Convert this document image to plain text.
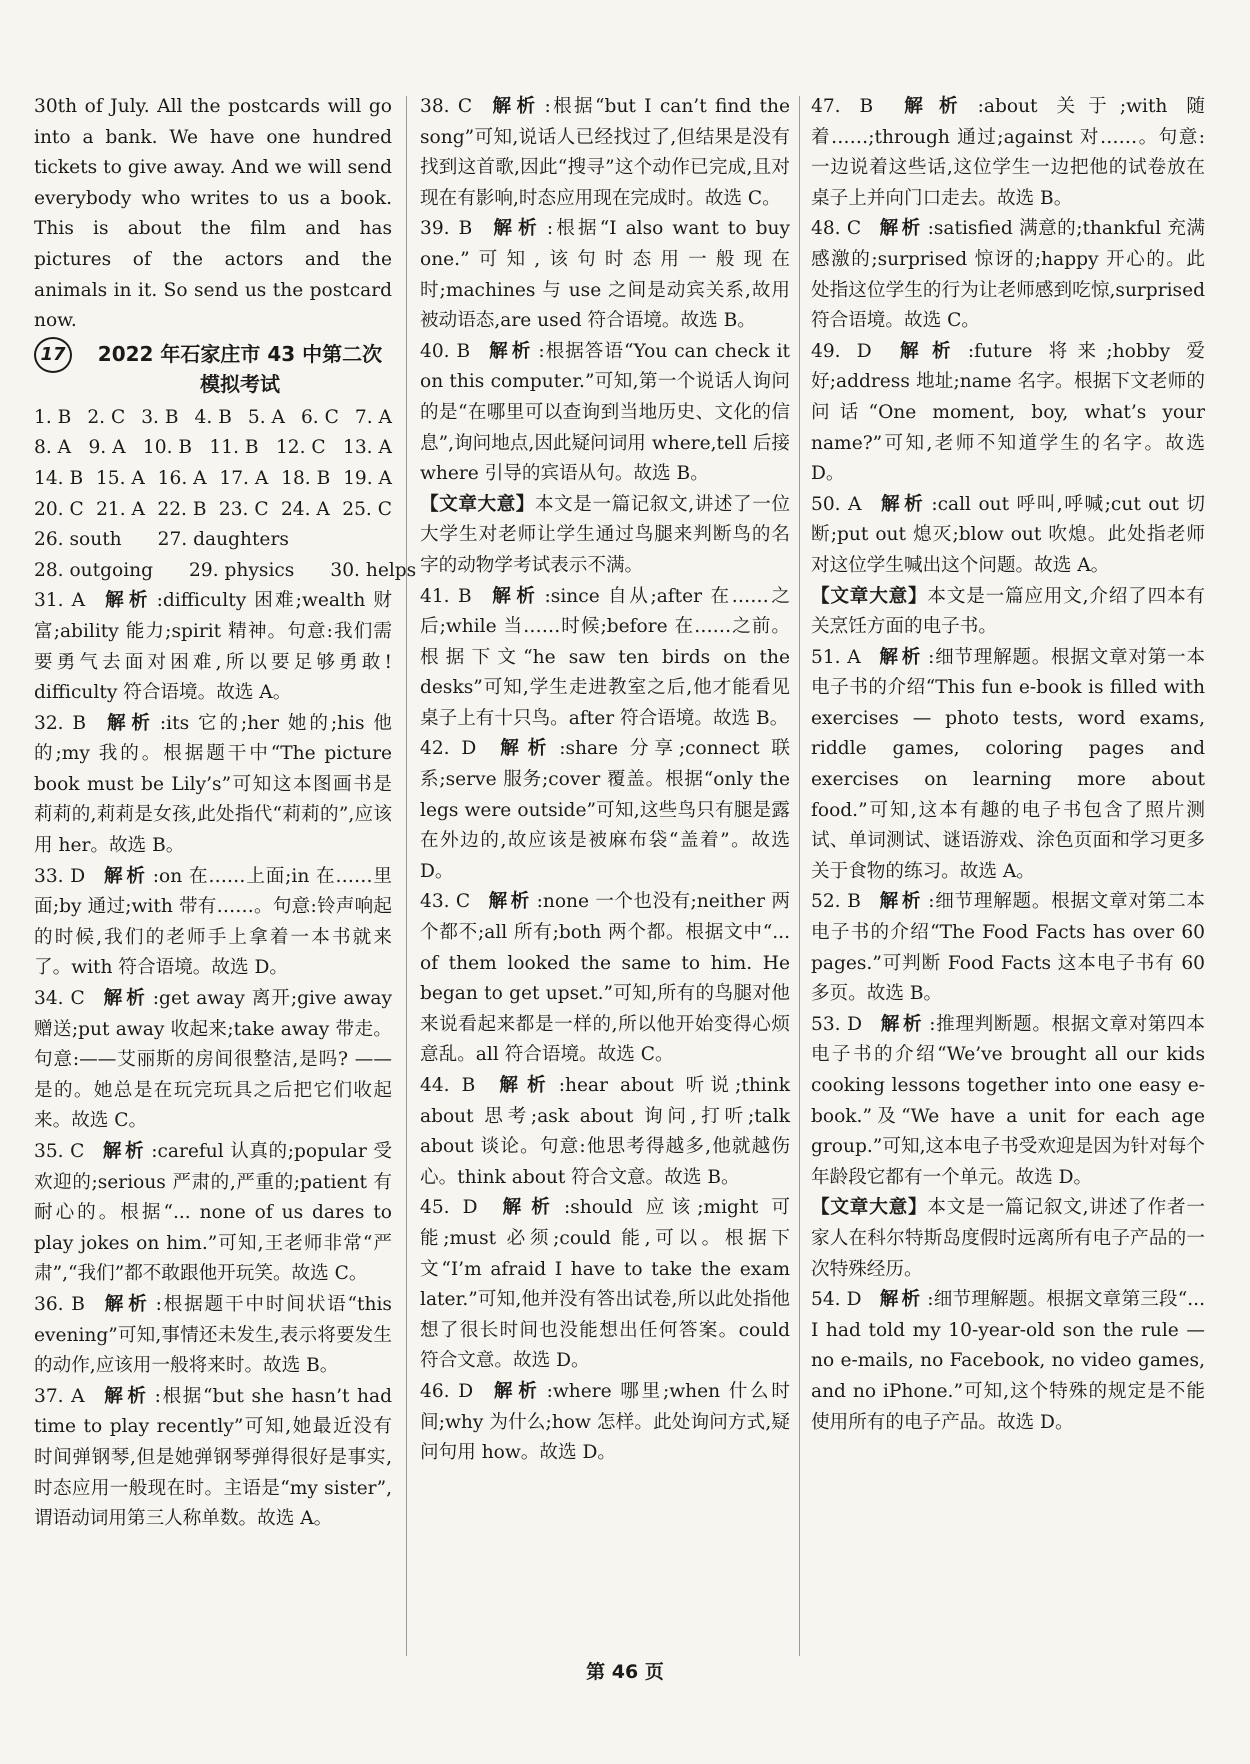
30th of July. All the postcards will go into a bank. We have one hundred tickets to give away. And we will send everybody who writes to us a book. This is about the film and has pictures of the actors and the animals in it. So send us the postcard now.

17	2022 年石家庄市 43 中第二次
模拟考试
1. B 2. C 3. B 4. B 5. A 6. C 7. A
8. A 9. A 10. B 11. B 12. C 13. A
14. B 15. A 16. A 17. A 18. B 19. A
20. C 21. A 22. B 23. C 24. A 25. C
26. south 27. daughters
28. outgoing 29. physics 30. helps

31. A 解析 :difficulty 困难;wealth 财富;ability 能力;spirit 精神。句意:我们需要勇气去面对困难,所以要足够勇敢! difficulty 符合语境。故选 A。

32. B 解析 :its 它的;her 她的;his 他的;my 我的。根据题干中“The picture book must be Lily’s”可知这本图画书是莉莉的,莉莉是女孩,此处指代“莉莉的”,应该用 her。故选 B。

33. D 解析 :on 在……上面;in 在……里面;by 通过;with 带有……。句意:铃声响起的时候,我们的老师手上拿着一本书就来了。with 符合语境。故选 D。

34. C 解析 :get away 离开;give away 赠送;put away 收起来;take away 带走。句意:——艾丽斯的房间很整洁,是吗? ——是的。她总是在玩完玩具之后把它们收起来。故选 C。

35. C 解析 :careful 认真的;popular 受欢迎的;serious 严肃的,严重的;patient 有耐心的。根据“... none of us dares to play jokes on him.”可知,王老师非常“严肃”,“我们”都不敢跟他开玩笑。故选 C。

36. B 解析 :根据题干中时间状语“this evening”可知,事情还未发生,表示将要发生的动作,应该用一般将来时。故选 B。

37. A 解析 :根据“but she hasn’t had time to play recently”可知,她最近没有时间弹钢琴,但是她弹钢琴弹得很好是事实,时态应用一般现在时。主语是“my sister”,谓语动词用第三人称单数。故选 A。

38. C 解析 :根据“but I can’t find the song”可知,说话人已经找过了,但结果是没有找到这首歌,因此“搜寻”这个动作已完成,且对现在有影响,时态应用现在完成时。故选 C。

39. B 解析 :根据“I also want to buy one.”可知,该句时态用一般现在时;machines 与 use 之间是动宾关系,故用被动语态,are used 符合语境。故选 B。

40. B 解析 :根据答语“You can check it on this computer.”可知,第一个说话人询问的是“在哪里可以查询到当地历史、文化的信息”,询问地点,因此疑问词用 where,tell 后接 where 引导的宾语从句。故选 B。

【文章大意】本文是一篇记叙文,讲述了一位大学生对老师让学生通过鸟腿来判断鸟的名字的动物学考试表示不满。

41. B 解析 :since 自从;after 在……之后;while 当……时候;before 在……之前。根据下文“he saw ten birds on the desks”可知,学生走进教室之后,他才能看见桌子上有十只鸟。after 符合语境。故选 B。

42. D 解析 :share 分享;connect 联系;serve 服务;cover 覆盖。根据“only the legs were outside”可知,这些鸟只有腿是露在外边的,故应该是被麻布袋“盖着”。故选 D。

43. C 解析 :none 一个也没有;neither 两个都不;all 所有;both 两个都。根据文中“... of them looked the same to him. He began to get upset.”可知,所有的鸟腿对他来说看起来都是一样的,所以他开始变得心烦意乱。all 符合语境。故选 C。

44. B 解析 :hear about 听说;think about 思考;ask about 询问,打听;talk about 谈论。句意:他思考得越多,他就越伤心。think about 符合文意。故选 B。

45. D 解析 :should 应该;might 可能;must 必须;could 能,可以。根据下文“I’m afraid I have to take the exam later.”可知,他并没有答出试卷,所以此处指他想了很长时间也没能想出任何答案。could 符合文意。故选 D。

46. D 解析 :where 哪里;when 什么时间;why 为什么;how 怎样。此处询问方式,疑问句用 how。故选 D。

47. B 解析 :about 关于;with 随着……;through 通过;against 对……。句意:一边说着这些话,这位学生一边把他的试卷放在桌子上并向门口走去。故选 B。

48. C 解析 :satisfied 满意的;thankful 充满感激的;surprised 惊讶的;happy 开心的。此处指这位学生的行为让老师感到吃惊,surprised 符合语境。故选 C。

49. D 解析 :future 将来;hobby 爱好;address 地址;name 名字。根据下文老师的问话“One moment, boy, what’s your name?”可知,老师不知道学生的名字。故选 D。

50. A 解析 :call out 呼叫,呼喊;cut out 切断;put out 熄灭;blow out 吹熄。此处指老师对这位学生喊出这个问题。故选 A。

【文章大意】本文是一篇应用文,介绍了四本有关烹饪方面的电子书。

51. A 解析 :细节理解题。根据文章对第一本电子书的介绍“This fun e-book is filled with exercises — photo tests, word exams, riddle games, coloring pages and exercises on learning more about food.”可知,这本有趣的电子书包含了照片测试、单词测试、谜语游戏、涂色页面和学习更多关于食物的练习。故选 A。

52. B 解析 :细节理解题。根据文章对第二本电子书的介绍“The Food Facts has over 60 pages.”可判断 Food Facts 这本电子书有 60 多页。故选 B。

53. D 解析 :推理判断题。根据文章对第四本电子书的介绍“We’ve brought all our kids cooking lessons together into one easy e-book.”及“We have a unit for each age group.”可知,这本电子书受欢迎是因为针对每个年龄段它都有一个单元。故选 D。

【文章大意】本文是一篇记叙文,讲述了作者一家人在科尔特斯岛度假时远离所有电子产品的一次特殊经历。

54. D 解析 :细节理解题。根据文章第三段“... I had told my 10-year-old son the rule — no e-mails, no Facebook, no video games, and no iPhone.”可知,这个特殊的规定是不能使用所有的电子产品。故选 D。

第 46 页
